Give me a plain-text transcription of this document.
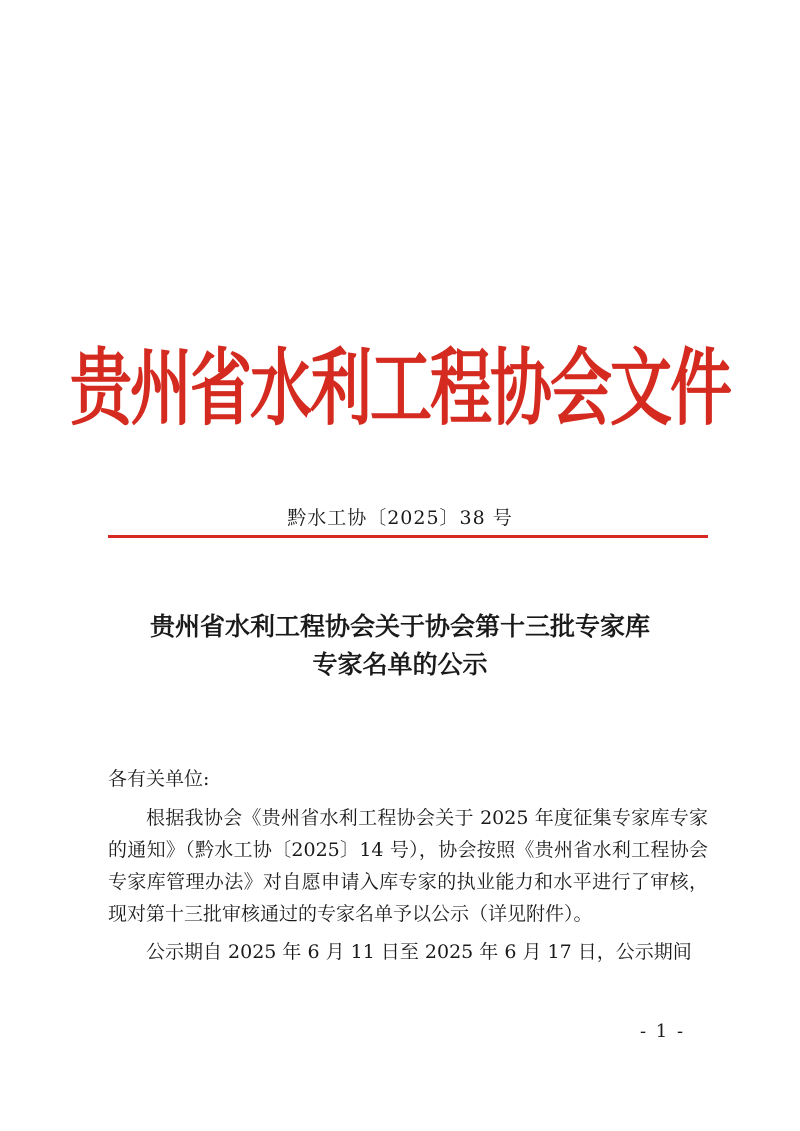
贵州省水利工程协会文件
黔水工协〔2025〕38 号
贵州省水利工程协会关于协会第十三批专家库
专家名单的公示
各有关单位:

根据我协会《贵州省水利工程协会关于 2025 年度征集专家库专家的通知》（黔水工协〔2025〕14 号），协会按照《贵州省水利工程协会专家库管理办法》对自愿申请入库专家的执业能力和水平进行了审核，现对第十三批审核通过的专家名单予以公示（详见附件）。

公示期自 2025 年 6 月 11 日至 2025 年 6 月 17 日，公示期间

- 1 -
